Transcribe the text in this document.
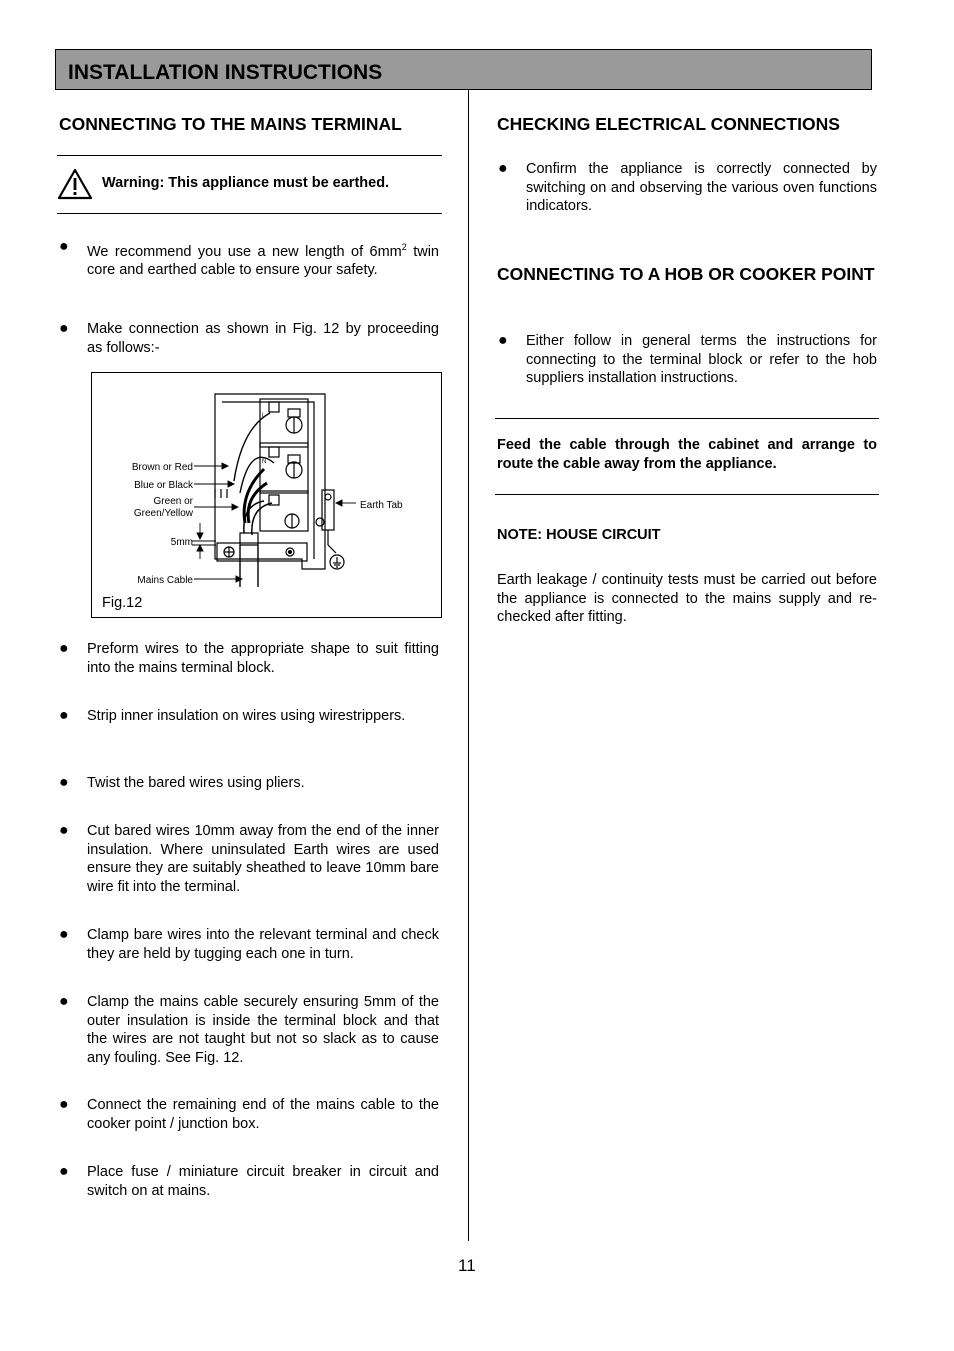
INSTALLATION INSTRUCTIONS
CONNECTING TO THE MAINS TERMINAL
Warning: This appliance must be earthed.
● We recommend you use a new length of $6mm^2$ twin core and earthed cable to ensure your safety.

● Make connection as shown in Fig. 12 by proceeding as follows:-

Brown or Red
Blue or Black
Green or
Green/Yellow
5mm
Mains Cable
Earth Tab
L
N
Fig.12
● Preform wires to the appropriate shape to suit fitting into the mains terminal block.

● Strip inner insulation on wires using wirestrippers.

● Twist the bared wires using pliers.

● Cut bared wires 10mm away from the end of the inner insulation. Where uninsulated Earth wires are used ensure they are suitably sheathed to leave 10mm bare wire fit into the terminal.

● Clamp bare wires into the relevant terminal and check they are held by tugging each one in turn.

● Clamp the mains cable securely ensuring 5mm of the outer insulation is inside the terminal block and that the wires are not taught but not so slack as to cause any fouling. See Fig. 12.

● Connect the remaining end of the mains cable to the cooker point / junction box.

● Place fuse / miniature circuit breaker in circuit and switch on at mains.

CHECKING ELECTRICAL CONNECTIONS
● Confirm the appliance is correctly connected by switching on and observing the various oven functions indicators.

CONNECTING TO A HOB OR COOKER POINT
● Either follow in general terms the instructions for connecting to the terminal block or refer to the hob suppliers installation instructions.

Feed the cable through the cabinet and arrange to route the cable away from the appliance.

NOTE: HOUSE CIRCUIT

Earth leakage / continuity tests must be carried out before the appliance is connected to the mains supply and re-checked after fitting.

11
